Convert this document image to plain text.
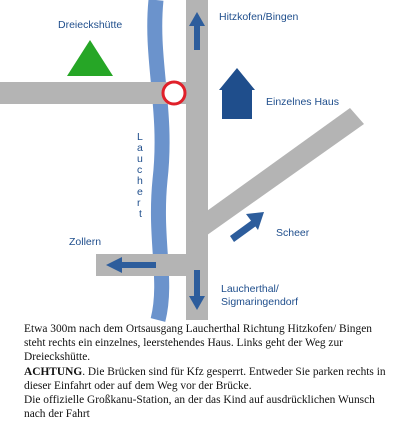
Dreieckshütte
Hitzkofen/Bingen
Einzelnes Haus
Scheer
Zollern
Laucherthal/
Sigmaringendorf
L
a
u
c
h
e
r
t

Etwa 300m nach dem Ortsausgang Laucherthal Richtung Hitzkofen/ Bingen steht rechts ein einzelnes, leerstehendes Haus. Links geht der Weg zur Dreieckshütte.

ACHTUNG. Die Brücken sind für Kfz gesperrt. Entweder Sie parken rechts in dieser Einfahrt oder auf dem Weg vor der Brücke.

Die offizielle Großkanu-Station, an der das Kind auf ausdrücklichen Wunsch nach der Fahrt
